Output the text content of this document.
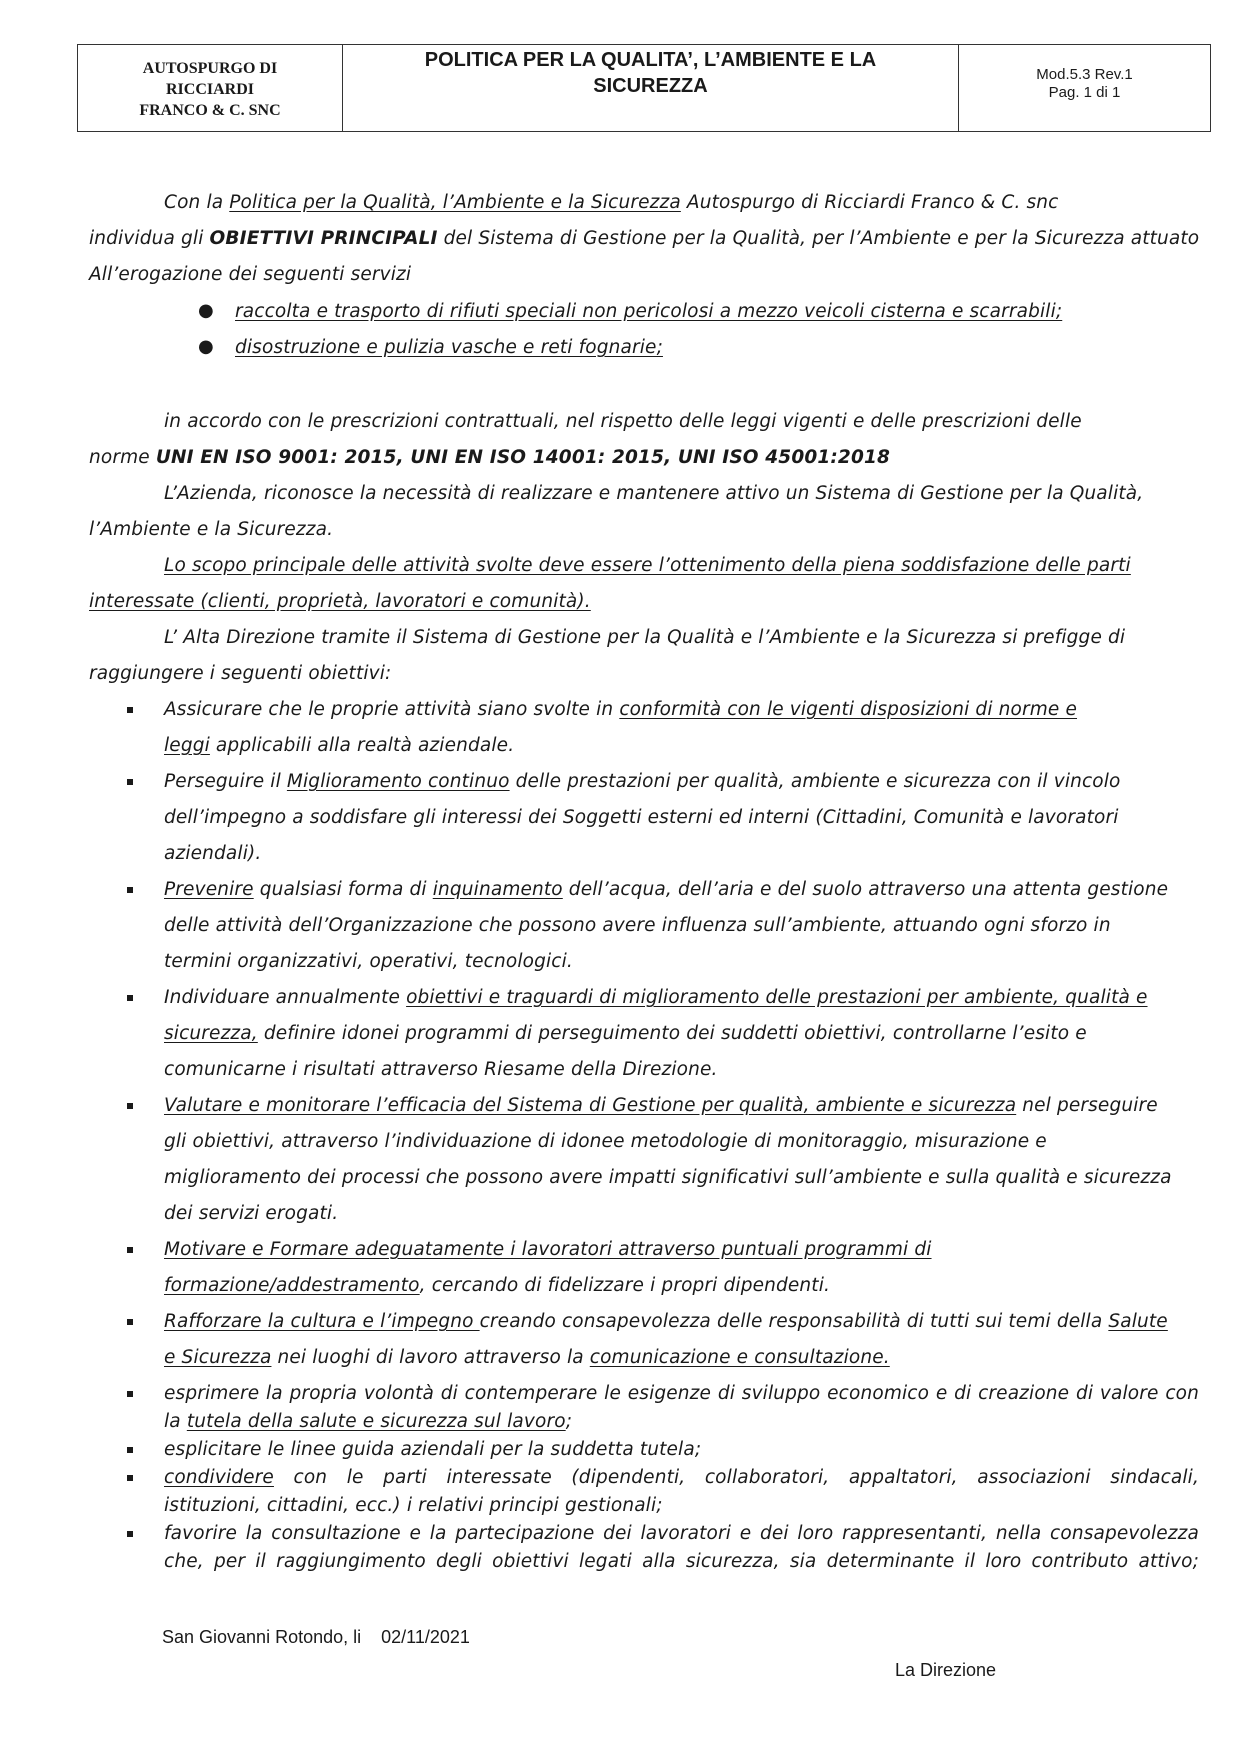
AUTOSPURGO DI
RICCIARDI
FRANCO & C. SNC
POLITICA PER LA QUALITA’, L’AMBIENTE E LA
SICUREZZA
Mod.5.3 Rev.1
Pag. 1 di 1
Con la Politica per la Qualità, l’Ambiente e la Sicurezza Autospurgo di Ricciardi Franco & C. snc
individua gli OBIETTIVI PRINCIPALI del Sistema di Gestione per la Qualità, per l’Ambiente e per la Sicurezza attuato
All’erogazione dei seguenti servizi
● raccolta e trasporto di rifiuti speciali non pericolosi a mezzo veicoli cisterna e scarrabili;
● disostruzione e pulizia vasche e reti fognarie;
in accordo con le prescrizioni contrattuali, nel rispetto delle leggi vigenti e delle prescrizioni delle
norme UNI EN ISO 9001: 2015, UNI EN ISO 14001: 2015, UNI ISO 45001:2018
L’Azienda, riconosce la necessità di realizzare e mantenere attivo un Sistema di Gestione per la Qualità,
l’Ambiente e la Sicurezza.
Lo scopo principale delle attività svolte deve essere l’ottenimento della piena soddisfazione delle parti
interessate (clienti, proprietà, lavoratori e comunità).
L’ Alta Direzione tramite il Sistema di Gestione per la Qualità e l’Ambiente e la Sicurezza si prefigge di
raggiungere i seguenti obiettivi:
Assicurare che le proprie attività siano svolte in conformità con le vigenti disposizioni di norme e
leggi applicabili alla realtà aziendale.
Perseguire il Miglioramento continuo delle prestazioni per qualità, ambiente e sicurezza con il vincolo
dell’impegno a soddisfare gli interessi dei Soggetti esterni ed interni (Cittadini, Comunità e lavoratori
aziendali).
Prevenire qualsiasi forma di inquinamento dell’acqua, dell’aria e del suolo attraverso una attenta gestione
delle attività dell’Organizzazione che possono avere influenza sull’ambiente, attuando ogni sforzo in
termini organizzativi, operativi, tecnologici.
Individuare annualmente obiettivi e traguardi di miglioramento delle prestazioni per ambiente, qualità e
sicurezza, definire idonei programmi di perseguimento dei suddetti obiettivi, controllarne l’esito e
comunicarne i risultati attraverso Riesame della Direzione.
Valutare e monitorare l’efficacia del Sistema di Gestione per qualità, ambiente e sicurezza nel perseguire
gli obiettivi, attraverso l’individuazione di idonee metodologie di monitoraggio, misurazione e
miglioramento dei processi che possono avere impatti significativi sull’ambiente e sulla qualità e sicurezza
dei servizi erogati.
Motivare e Formare adeguatamente i lavoratori attraverso puntuali programmi di
formazione/addestramento, cercando di fidelizzare i propri dipendenti.
Rafforzare la cultura e l’impegno creando consapevolezza delle responsabilità di tutti sui temi della Salute
e Sicurezza nei luoghi di lavoro attraverso la comunicazione e consultazione.
esprimere la propria volontà di contemperare le esigenze di sviluppo economico e di creazione di valore con
la tutela della salute e sicurezza sul lavoro;
esplicitare le linee guida aziendali per la suddetta tutela;
condividere con le parti interessate (dipendenti, collaboratori, appaltatori, associazioni sindacali,
istituzioni, cittadini, ecc.) i relativi principi gestionali;
favorire la consultazione e la partecipazione dei lavoratori e dei loro rappresentanti, nella consapevolezza
che, per il raggiungimento degli obiettivi legati alla sicurezza, sia determinante il loro contributo attivo;
San Giovanni Rotondo, li    02/11/2021
La Direzione
